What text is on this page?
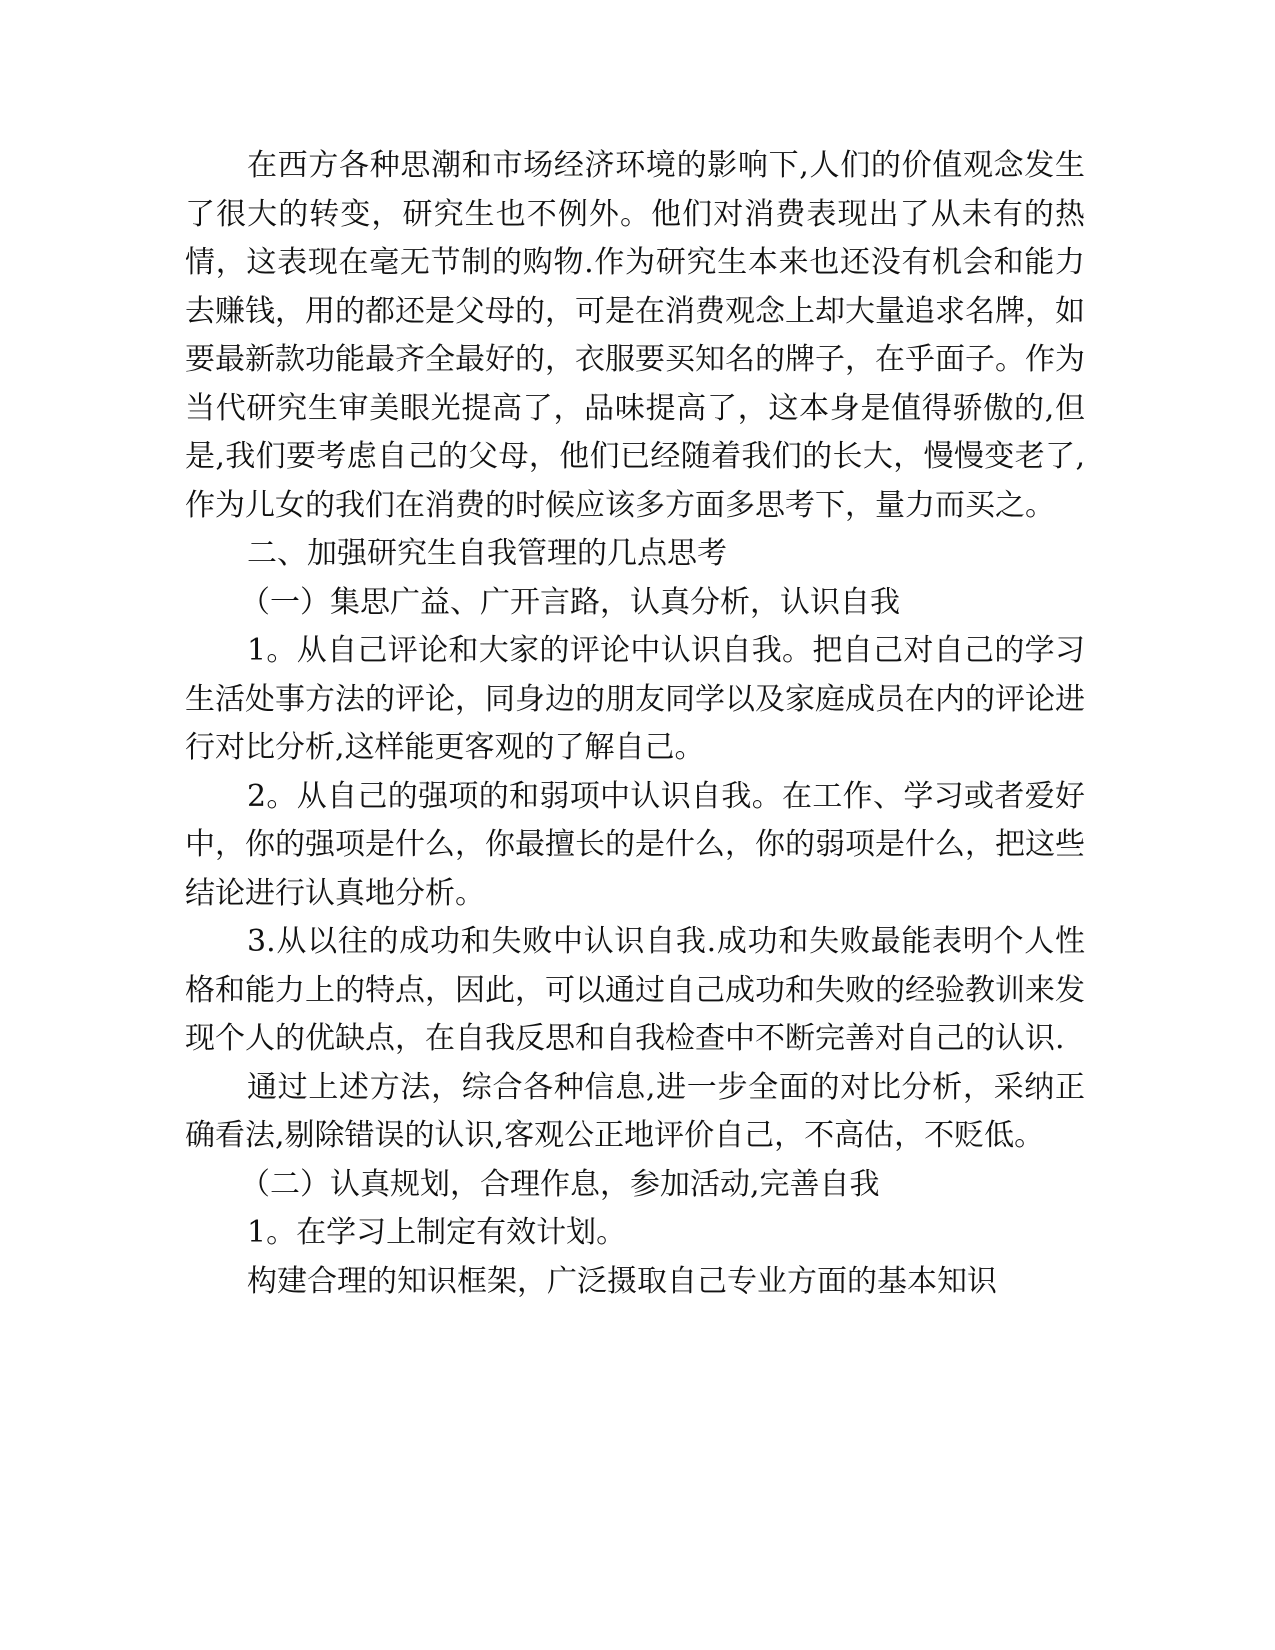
在西方各种思潮和市场经济环境的影响下,人们的价值观念发生了很大的转变，研究生也不例外。他们对消费表现出了从未有的热情，这表现在毫无节制的购物.作为研究生本来也还没有机会和能力去赚钱，用的都还是父母的，可是在消费观念上却大量追求名牌，如　　要最新款功能最齐全最好的，衣服要买知名的牌子，在乎面子。作为当代研究生审美眼光提高了，品味提高了，这本身是值得骄傲的,但是,我们要考虑自己的父母，他们已经随着我们的长大，慢慢变老了,作为儿女的我们在消费的时候应该多方面多思考下，量力而买之。

二、加强研究生自我管理的几点思考

（一）集思广益、广开言路，认真分析，认识自我

1。从自己评论和大家的评论中认识自我。把自己对自己的学习生活处事方法的评论，同身边的朋友同学以及家庭成员在内的评论进行对比分析,这样能更客观的了解自己。

2。从自己的强项的和弱项中认识自我。在工作、学习或者爱好中，你的强项是什么，你最擅长的是什么，你的弱项是什么，把这些结论进行认真地分析。

3.从以往的成功和失败中认识自我.成功和失败最能表明个人性格和能力上的特点，因此，可以通过自己成功和失败的经验教训来发现个人的优缺点，在自我反思和自我检查中不断完善对自己的认识.

通过上述方法，综合各种信息,进一步全面的对比分析，采纳正确看法,剔除错误的认识,客观公正地评价自己，不高估，不贬低。

（二）认真规划，合理作息，参加活动,完善自我

1。在学习上制定有效计划。

构建合理的知识框架，广泛摄取自己专业方面的基本知识
